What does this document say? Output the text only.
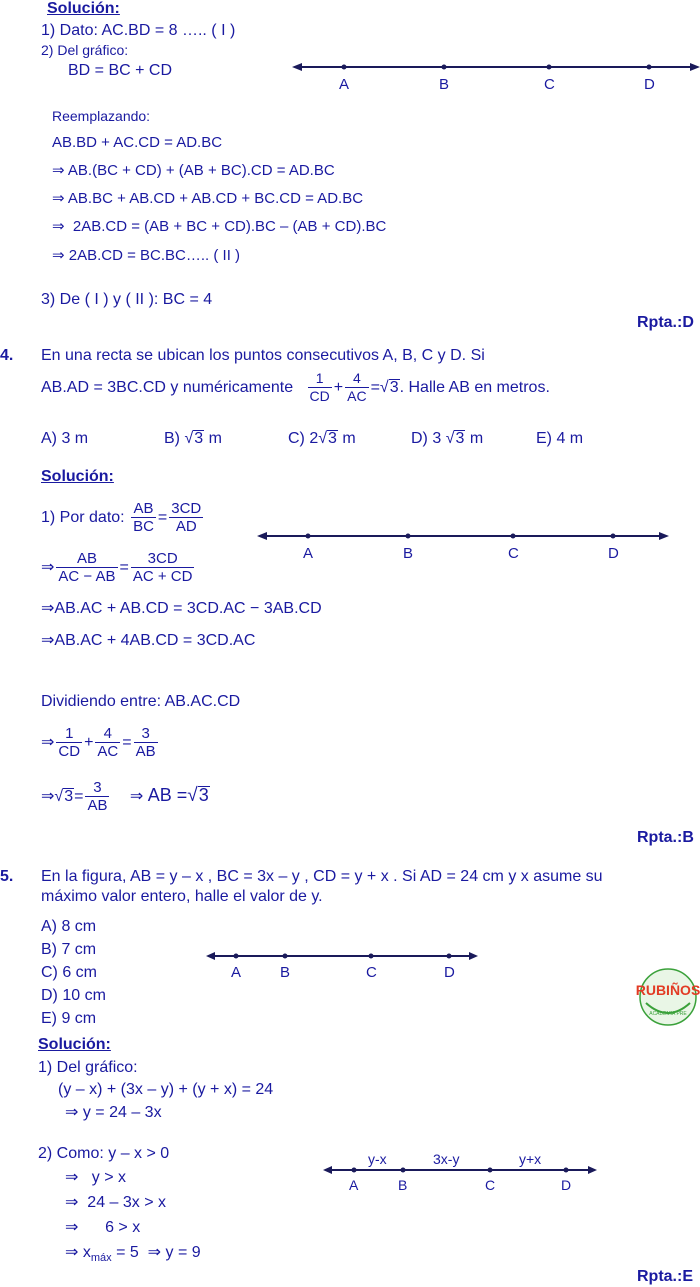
Solución:
1) Dato: AC.BD = 8 ….. ( I )
2) Del gráfico:
BD = BC + CD
A	B	C	D
Reemplazando:
AB.BD + AC.CD = AD.BC
⇒ AB.(BC + CD) + (AB + BC).CD = AD.BC
⇒ AB.BC + AB.CD + AB.CD + BC.CD = AD.BC
⇒  2AB.CD = (AB + BC + CD).BC – (AB + CD).BC
⇒ 2AB.CD = BC.BC….. ( II )
3) De ( I ) y ( II ): BC = 4
Rpta.:D
4. En una recta se ubican los puntos consecutivos A, B, C y D. Si
AB.AD = 3BC.CD y numéricamente $\frac{1}{CD} + \frac{4}{AC} =√3$. Halle AB en metros.
A) 3 m	B) √3 m	C) 2√3 m	D) 3 √3 m	E) 4 m
Solución:
1) Por dato: $\frac{AB}{BC} = \frac{3CD}{AD}$
A	B	C	D
⇒ $\frac{AB}{AC - AB} = \frac{3CD}{AC + CD}$
⇒AB.AC + AB.CD = 3CD.AC − 3AB.CD
⇒AB.AC + 4AB.CD = 3CD.AC
Dividiendo entre: AB.AC.CD
⇒ $\frac{1}{CD} + \frac{4}{AC} = \frac{3}{AB}$
⇒√3= $\frac{3}{AB}$ ⇒ AB =√3
Rpta.:B
5. En la figura, AB = y – x , BC = 3x – y , CD = y + x . Si AD = 24 cm y x asume su
máximo valor entero, halle el valor de y.
A) 8 cm
B) 7 cm
C) 6 cm
D) 10 cm
E) 9 cm
A	B	C	D
RUBIÑOS
ACADEMIA PRE
Solución:
1) Del gráfico:
(y – x) + (3x – y) + (y + x) = 24
⇒ y = 24 – 3x
2) Como: y – x > 0
⇒   y > x
⇒  24 – 3x > x
⇒      6 > x
⇒ $x_{máx} = 5$ ⇒ y = 9
y-x	3x-y	y+x
A	B	C	D
Rpta.:E
